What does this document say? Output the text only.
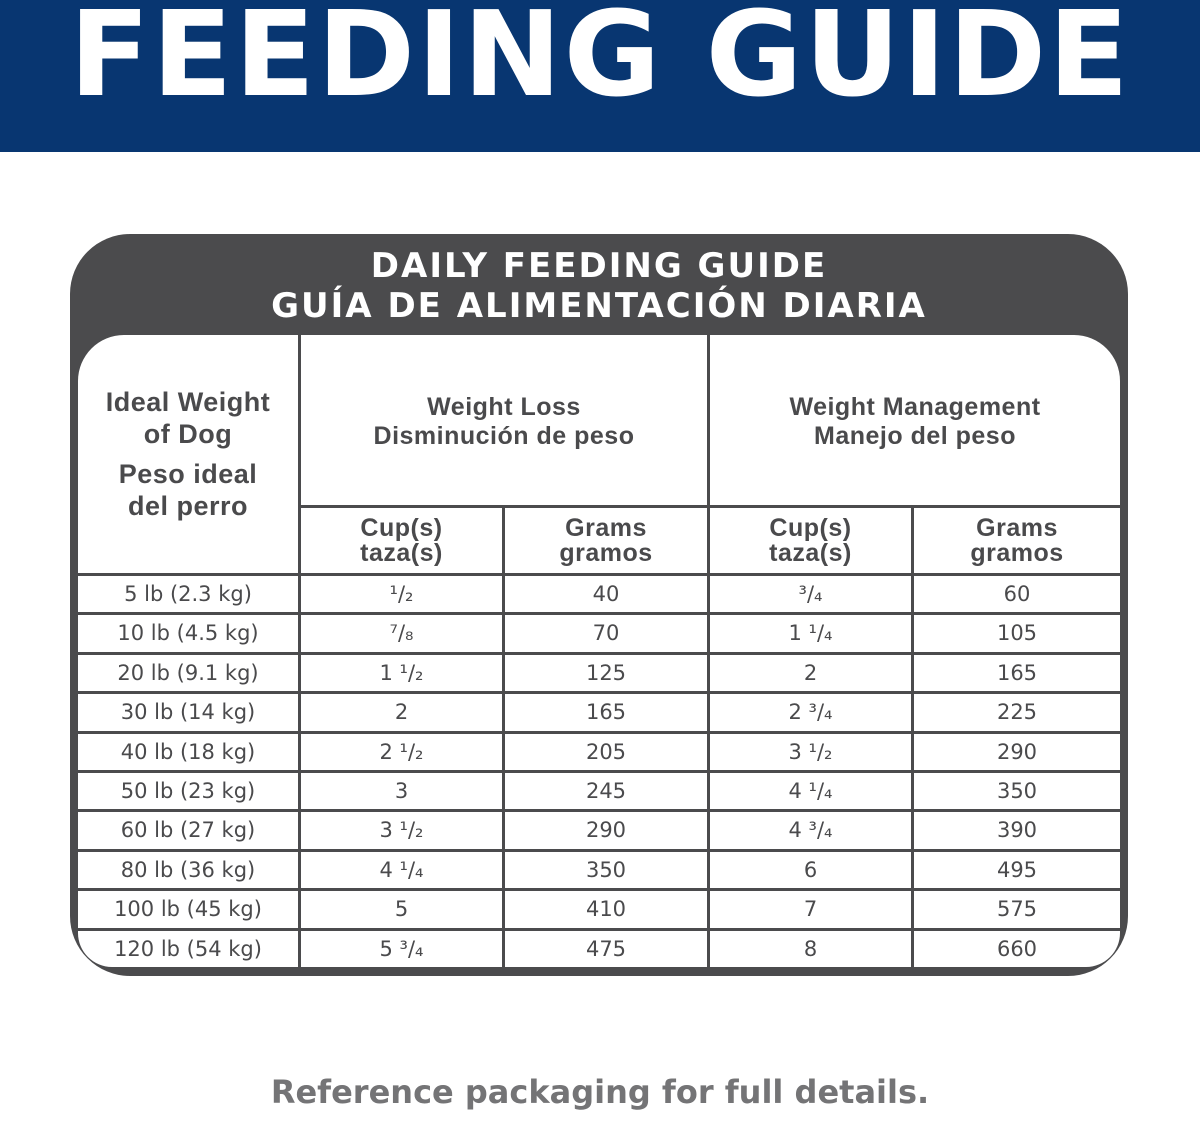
FEEDING GUIDE
DAILY FEEDING GUIDE
GUÍA DE ALIMENTACIÓN DIARIA
Ideal Weight
of Dog
Peso ideal
del perro
Weight Loss
Disminución de peso
Weight Management
Manejo del peso
Cup(s)
taza(s)
Grams
gramos
Cup(s)
taza(s)
Grams
gramos
5 lb (2.3 kg)	¹/₂	40	³/₄	60
10 lb (4.5 kg)	⁷/₈	70	1 ¹/₄	105
20 lb (9.1 kg)	1 ¹/₂	125	2	165
30 lb (14 kg)	2	165	2 ³/₄	225
40 lb (18 kg)	2 ¹/₂	205	3 ¹/₂	290
50 lb (23 kg)	3	245	4 ¹/₄	350
60 lb (27 kg)	3 ¹/₂	290	4 ³/₄	390
80 lb (36 kg)	4 ¹/₄	350	6	495
100 lb (45 kg)	5	410	7	575
120 lb (54 kg)	5 ³/₄	475	8	660
Reference packaging for full details.
